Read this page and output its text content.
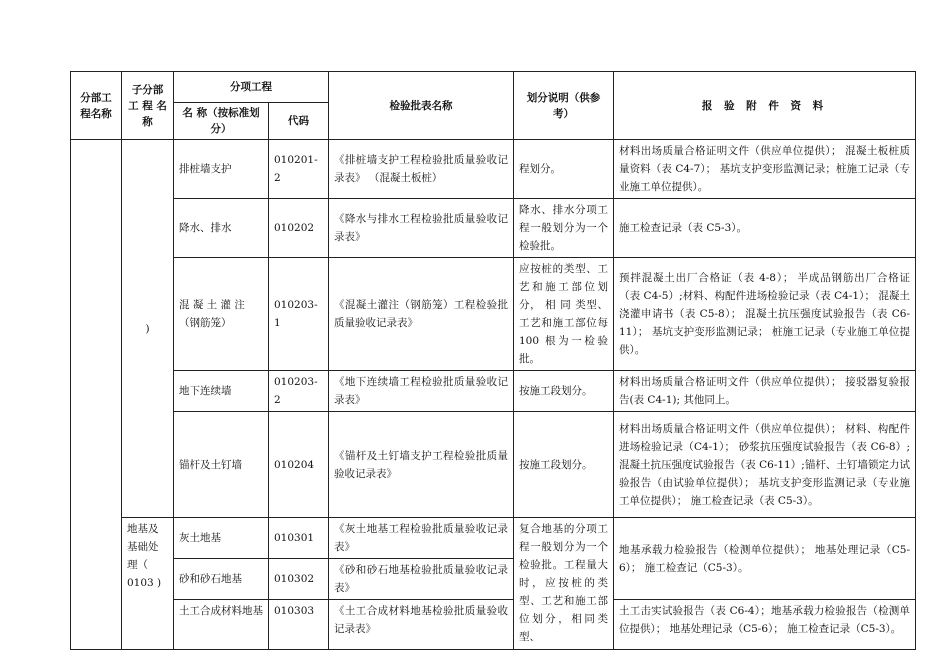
分部工程名称	子分部 工 程 名 称	分项工程		检验批表名称	划分说明（供参考）	报 验 附 件 资 料
		名 称（按标准划分）	代码			
	)	排桩墙支护	010201-2	《排桩墙支护工程检验批质量验收记录表》 （混凝土板桩）	程划分。	材料出场质量合格证明文件（供应单位提供）； 混凝土板桩质量资料（表 C4-7）； 基坑支护变形监测记录；桩施工记录（专业施工单位提供）。
		降水、排水	010202	《降水与排水工程检验批质量验收记录表》	降水、排水分项工程一般划分为一个检验批。	施工检查记录（表 C5-3）。
		混 凝 土 灌 注 （钢筋笼）	010203-1	《混凝土灌注（钢筋笼）工程检验批质量验收记录表》	应按桩的类型、工艺和施工部位划 分， 相 同 类型、工艺和施工部位每 100 根为一检验批。	预拌混凝土出厂合格证（表 4-8）； 半成品钢筋出厂合格证（表 C4-5）;材料、构配件进场检验记录（表 C4-1）； 混凝土浇灌申请书（表 C5-8）； 混凝土抗压强度试验报告（表 C6-11）； 基坑支护变形监测记录； 桩施工记录（专业施工单位提供）。
		地下连续墙	010203-2	《地下连续墙工程检验批质量验收记录表》	按施工段划分。	材料出场质量合格证明文件（供应单位提供）； 接驳器复验报告(表 C4-1); 其他同上。
		锚杆及土钉墙	010204	《锚杆及土钉墙支护工程检验批质量验收记录表》	按施工段划分。	材料出场质量合格证明文件（供应单位提供）； 材料、构配件进场检验记录（C4-1）； 砂浆抗压强度试验报告（表 C6-8）;混凝土抗压强度试验报告（表 C6-11）;锚杆、土钉墙锁定力试验报告（由试验单位提供）； 基坑支护变形监测记录（专业施工单位提供）； 施工检查记录（表 C5-3）。
	地基及基础处理（ 0103 )	灰土地基	010301	《灰土地基工程检验批质量验收记录表》	复合地基的分项工程一般划分为一个检验批。工程量大时，应按桩的类型、工艺和施工部位划分，相同类型、	地基承载力检验报告（检测单位提供）； 地基处理记录（C5-6）； 施工检查记（C5-3）。
		砂和砂石地基	010302	《砂和砂石地基检验批质量验收记录表》		
		土工合成材料地基	010303	《土工合成材料地基检验批质量验收记录表》		土工击实试验报告（表 C6-4）；地基承载力检验报告（检测单位提供）； 地基处理记录（C5-6）； 施工检查记录（C5-3）。
